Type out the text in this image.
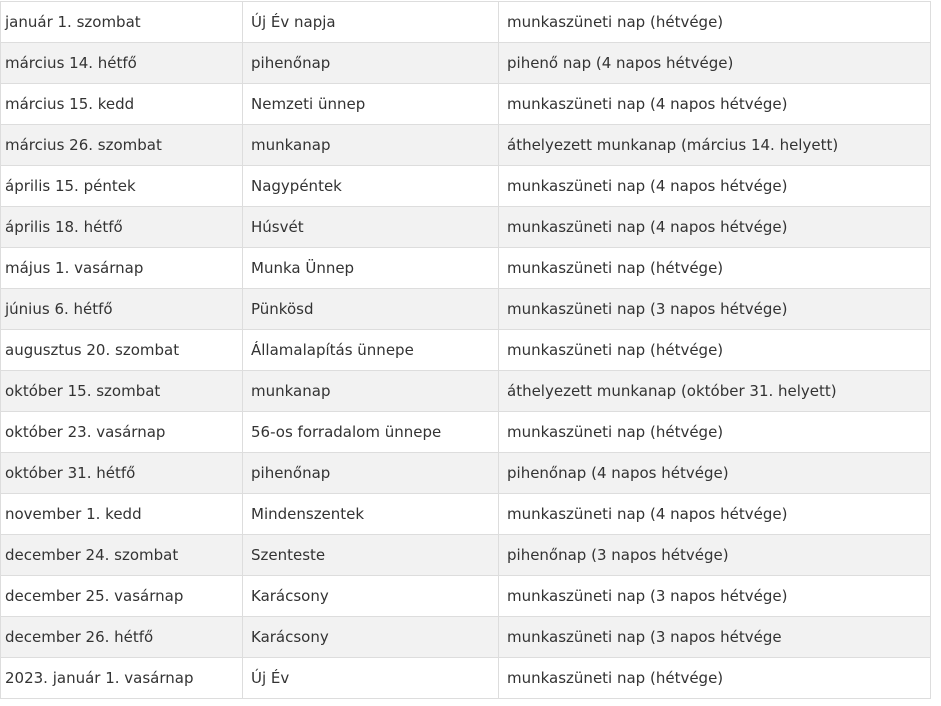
január 1. szombat	Új Év napja	munkaszüneti nap (hétvége)
március 14. hétfő	pihenőnap	pihenő nap (4 napos hétvége)
március 15. kedd	Nemzeti ünnep	munkaszüneti nap (4 napos hétvége)
március 26. szombat	munkanap	áthelyezett munkanap (március 14. helyett)
április 15. péntek	Nagypéntek	munkaszüneti nap (4 napos hétvége)
április 18. hétfő	Húsvét	munkaszüneti nap (4 napos hétvége)
május 1. vasárnap	Munka Ünnep	munkaszüneti nap (hétvége)
június 6. hétfő	Pünkösd	munkaszüneti nap (3 napos hétvége)
augusztus 20. szombat	Államalapítás ünnepe	munkaszüneti nap (hétvége)
október 15. szombat	munkanap	áthelyezett munkanap (október 31. helyett)
október 23. vasárnap	56-os forradalom ünnepe	munkaszüneti nap (hétvége)
október 31. hétfő	pihenőnap	pihenőnap (4 napos hétvége)
november 1. kedd	Mindenszentek	munkaszüneti nap (4 napos hétvége)
december 24. szombat	Szenteste	pihenőnap (3 napos hétvége)
december 25. vasárnap	Karácsony	munkaszüneti nap (3 napos hétvége)
december 26. hétfő	Karácsony	munkaszüneti nap (3 napos hétvége
2023. január 1. vasárnap	Új Év	munkaszüneti nap (hétvége)
